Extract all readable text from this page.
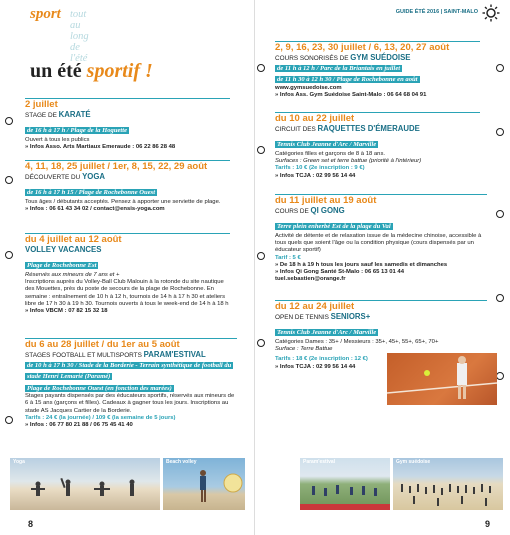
sport tout au long de l'été
un été sportif !
2 juillet
STAGE DE KARATÉ
de 16 h à 17 h / Plage de la Hoguette
Ouvert à tous les publics
» Infos Asso. Arts Martiaux Emeraude : 06 22 86 28 48
4, 11, 18, 25 juillet / 1er, 8, 15, 22, 29 août
DÉCOUVERTE DU YOGA
de 16 h à 17 h 15 / Plage de Rochebonne Ouest
Tous âges / débutants acceptés. Pensez à apporter une serviette de plage.
» Infos : 06 61 43 34 02 / contact@ensis-yoga.com
du 4 juillet au 12 août
VOLLEY VACANCES
Plage de Rochebonne Est
Réservés aux mineurs de 7 ans et +
Inscriptions auprès du Volley-Ball Club Malouin à la rotonde du site nautique des Mouettes, près du poste de secours de la plage de Rochebonne. En semaine : entraînement de 10 h à 12 h, tournois de 14 h à 17 h 30 et ateliers libre de 17 h 30 à 19 h 30. Tournois ouverts à tous le week-end de 14 h à 18 h
» Infos VBCM : 07 82 15 32 18
du 6 au 28 juillet / du 1er au 5 août
STAGES FOOTBALL ET MULTISPORTS PARAM'ESTIVAL
de 10 h à 17 h 30 / Stade de la Borderie - Terrain synthétique de football du stade Henri Lemarié (Paramé)
Plage de Rochebonne Ouest (en fonction des marées)
Stages payants dispensés par des éducateurs sportifs, réservés aux mineurs de 6 à 15 ans (garçons et filles). Cadeaux à gagner tous les jours. Inscriptions au stade AS Jacques Cartier de la Borderie.
Tarifs : 24 € (la journée) / 109 € (la semaine de 5 jours)
» Infos : 06 77 80 21 88 / 06 75 45 41 40
Yoga	Beach volley
8
GUIDE ÉTÉ 2016 | SAINT-MALO
2, 9, 16, 23, 30 juillet / 6, 13, 20, 27 août
COURS SONORISÉS DE GYM SUÉDOISE
de 11 h à 12 h / Parc de la Briantais en juillet
de 11 h 30 à 12 h 30 / Plage de Rochebonne en août
www.gymsuedoise.com
» Infos Ass. Gym Suédoise Saint-Malo : 06 64 68 04 91
du 10 au 22 juillet
CIRCUIT DES RAQUETTES D'ÉMERAUDE
Tennis Club Jeanne d'Arc / Marville
Catégories filles et garçons de 8 à 18 ans.
Surfaces : Green set et terre battue (priorité à l'intérieur)
Tarifs : 10 € (2e inscription : 9 €)
» Infos TCJA : 02 99 56 14 44
du 11 juillet au 19 août
COURS DE QI GONG
Terre plein enherbé Est de la plage du Val
Activité de détente et de relaxation issue de la médecine chinoise, accessible à tous quels que soient l'âge ou la condition physique (cours dispensés par un éducateur sportif)
Tarif : 5 €
» De 18 h à 19 h tous les jours sauf les samedis et dimanches
» Infos Qi Gong Santé St-Malo : 06 65 13 01 44
tuel.sebastien@orange.fr
du 12 au 24 juillet
OPEN DE TENNIS SENIORS+
Tennis Club Jeanne d'Arc / Marville
Catégories Dames : 35+ / Messieurs : 35+, 45+, 55+, 65+, 70+
Surface : Terre Battue
Tarifs : 18 € (2e inscription : 12 €)
» Infos TCJA : 02 99 56 14 44
Param'estival	Gym suédoise
9
